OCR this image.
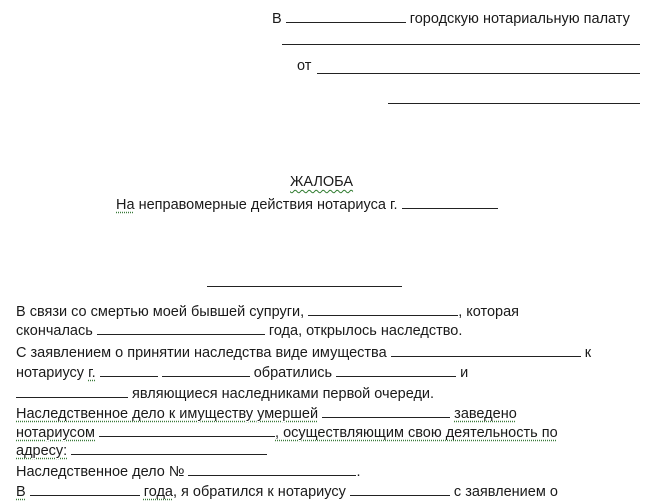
В	городскую нотариальную палату
от
ЖАЛОБА
На неправомерные действия нотариуса г.
В связи со смертью моей бывшей супруги,	, которая
скончалась	года, открылось наследство.
С заявлением о принятии наследства виде имущества	к
нотариусу г.	обратились	и
являющиеся наследниками первой очереди.
Наследственное дело к имуществу умершей	заведено
нотариусом	, осуществляющим свою деятельность по
адресу:
Наследственное дело №	.
В	года, я обратился к нотариусу	с заявлением о
